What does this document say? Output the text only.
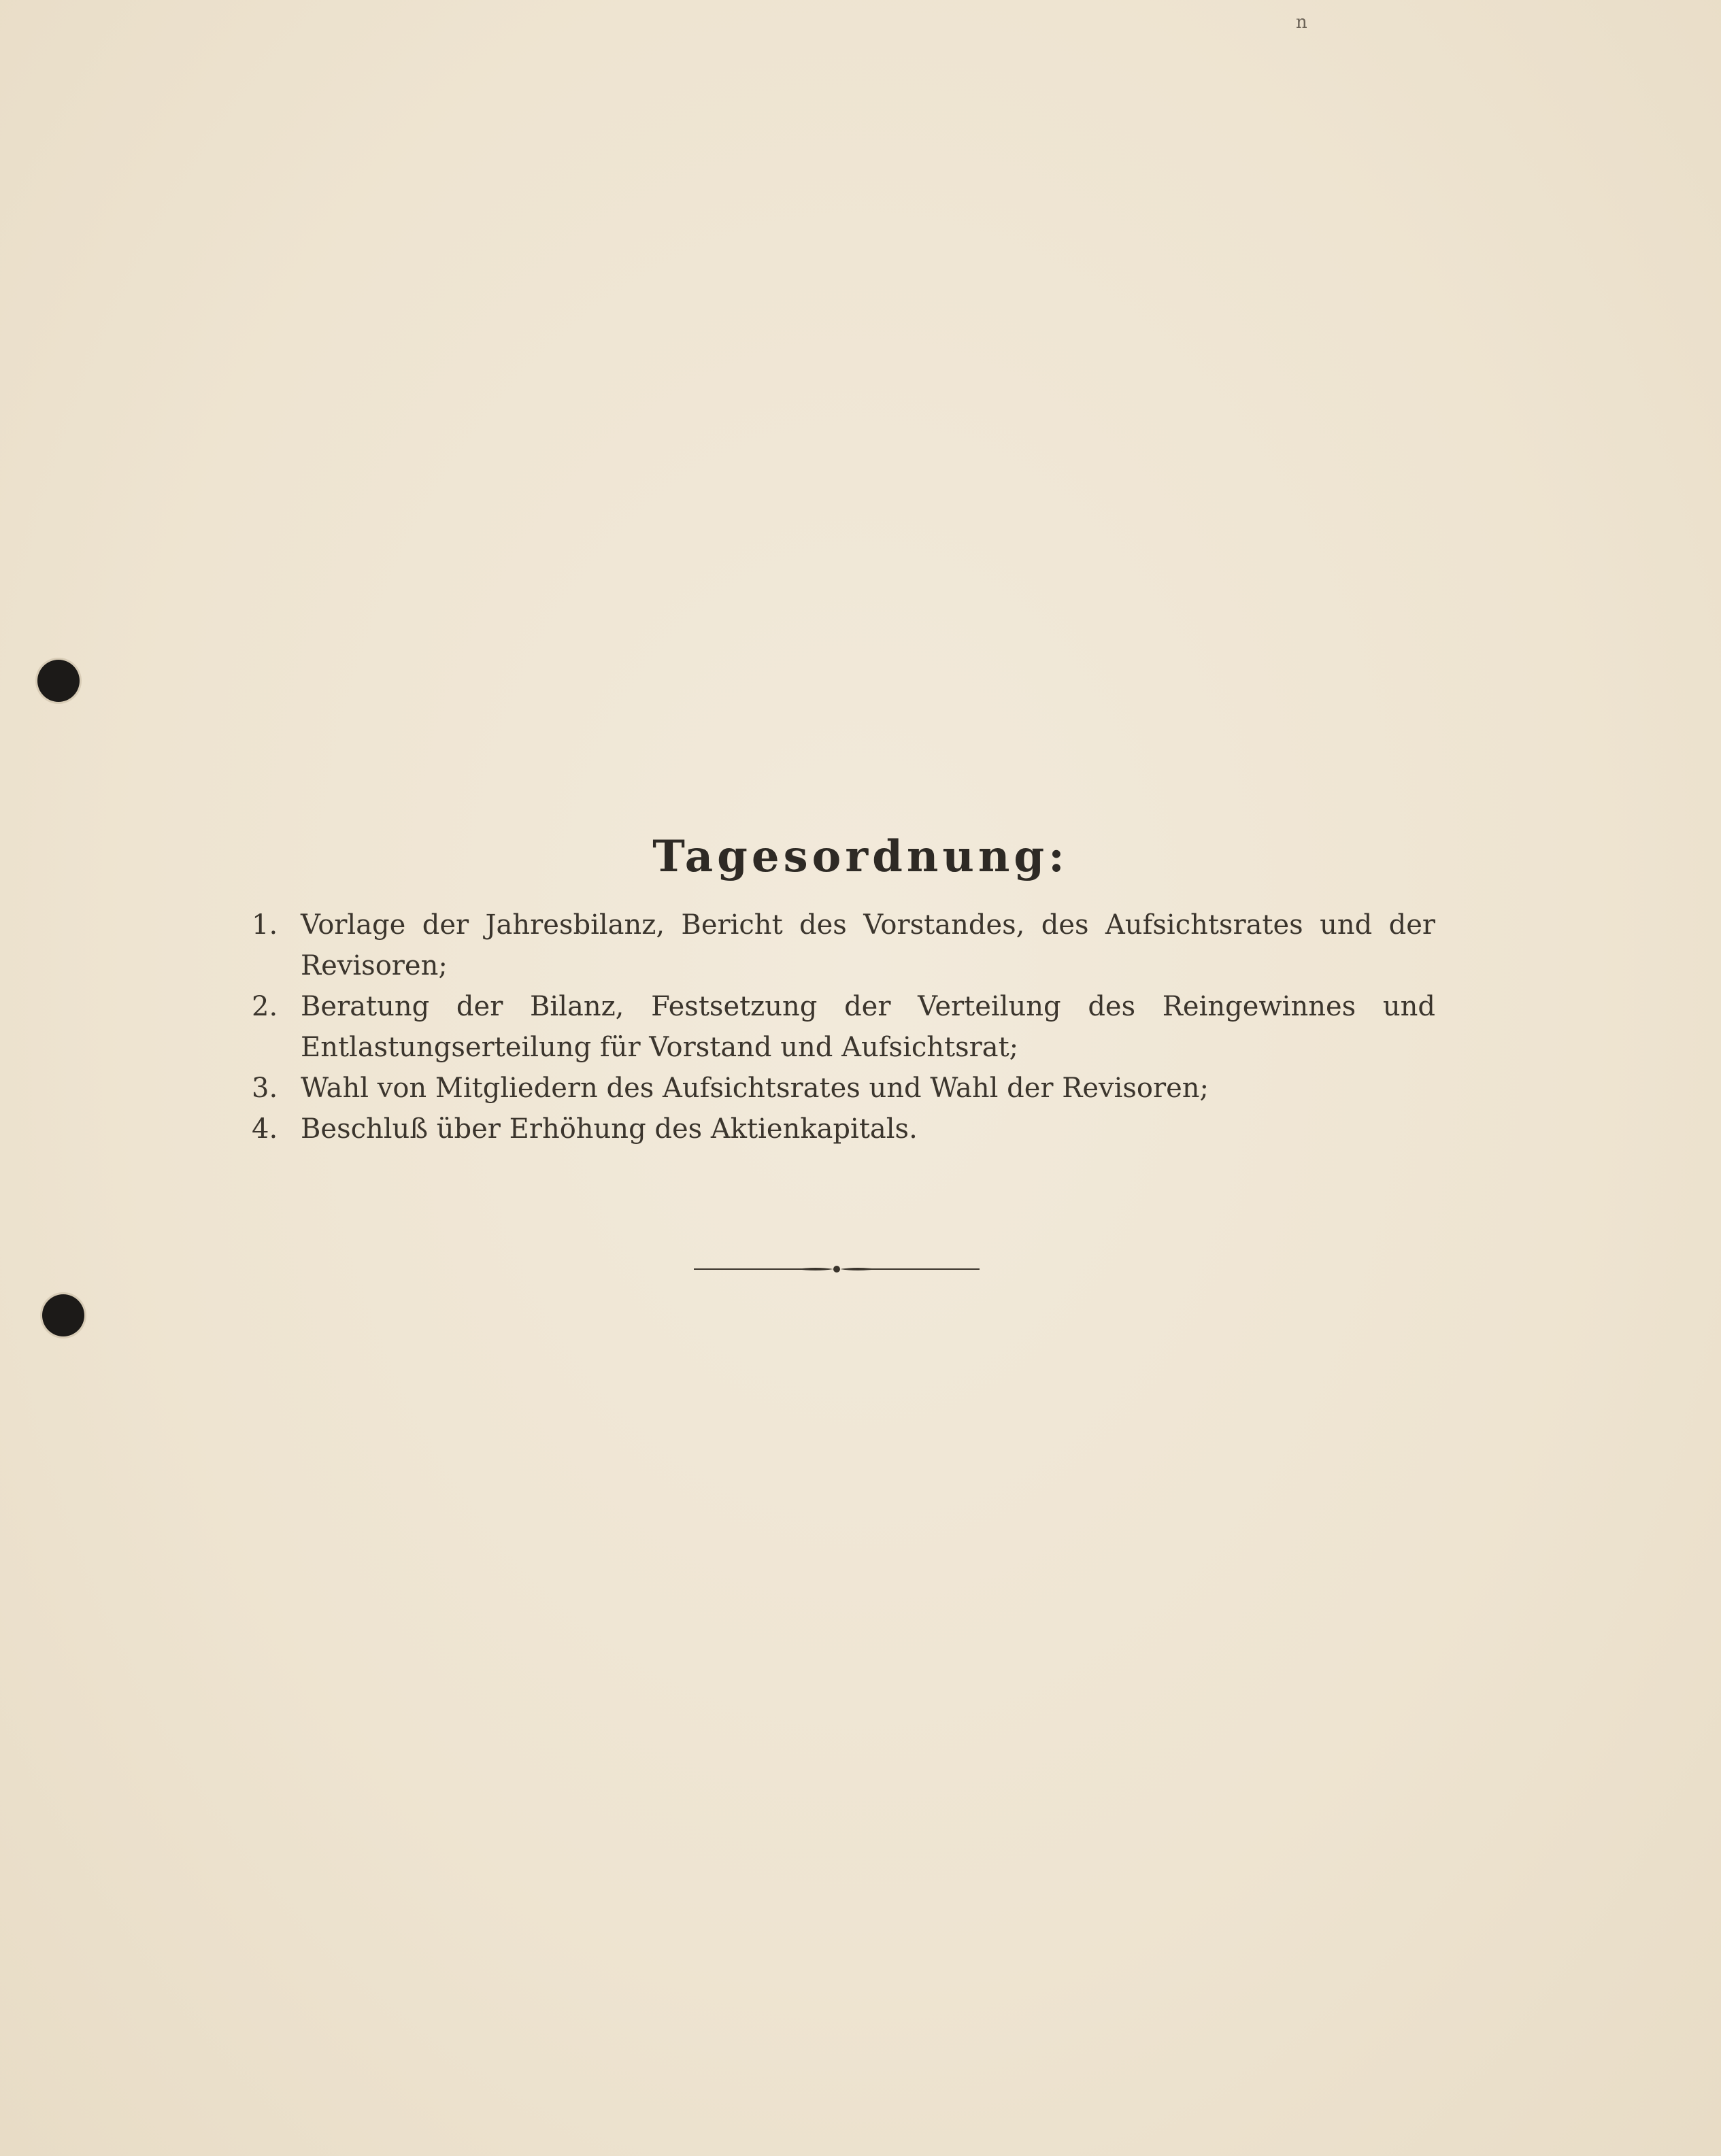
n
Tagesordnung:
1. Vorlage der Jahresbilanz, Bericht des Vorstandes, des Aufsichtsrates und der Revisoren;
2. Beratung der Bilanz, Festsetzung der Verteilung des Reingewinnes und Entlastungserteilung für Vorstand und Aufsichtsrat;
3. Wahl von Mitgliedern des Aufsichtsrates und Wahl der Revisoren;
4. Beschluß über Erhöhung des Aktienkapitals.
